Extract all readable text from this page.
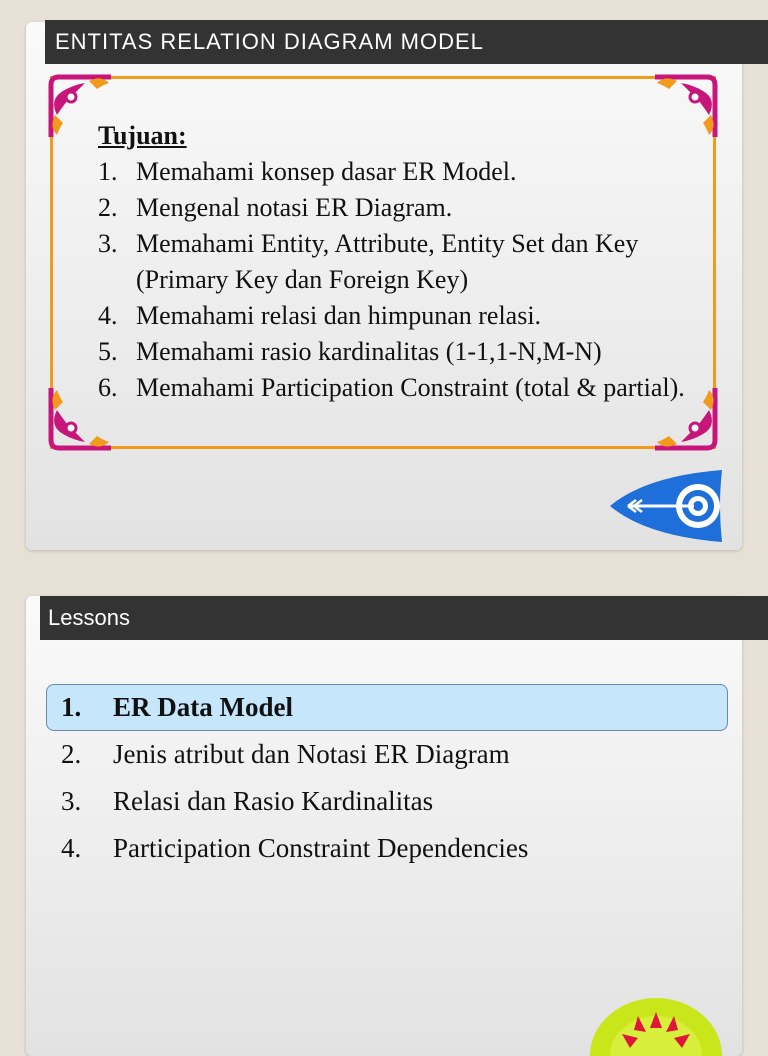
ENTITAS RELATION DIAGRAM MODEL

Tujuan:

1. Memahami konsep dasar ER Model.
2. Mengenal notasi ER Diagram.
3. Memahami Entity, Attribute, Entity Set dan Key (Primary Key dan Foreign Key)
4. Memahami relasi dan himpunan relasi.
5. Memahami rasio kardinalitas (1-1,1-N,M-N)
6. Memahami Participation Constraint (total & partial).
Lessons
1.	ER Data Model
2.	Jenis atribut dan Notasi ER Diagram
3.	Relasi dan Rasio Kardinalitas
4.	Participation Constraint Dependencies
